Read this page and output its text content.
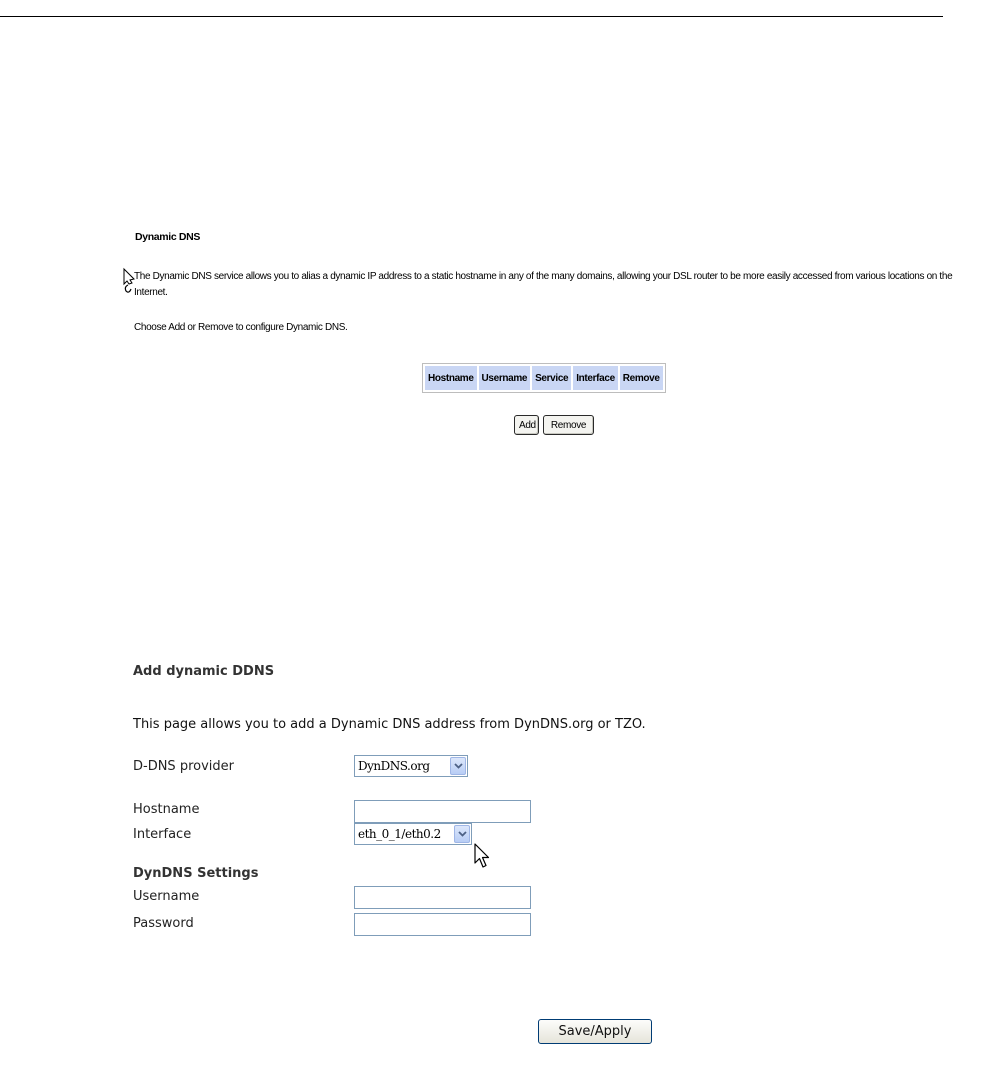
Dynamic DNS
The Dynamic DNS service allows you to alias a dynamic IP address to a static hostname in any of the many domains, allowing your DSL router to be more easily accessed from various locations on the Internet.
Choose Add or Remove to configure Dynamic DNS.
Hostname	Username	Service	Interface	Remove
Add	Remove
Add dynamic DDNS
This page allows you to add a Dynamic DNS address from DynDNS.org or TZO.
D-DNS provider	DynDNS.org
Hostname
Interface	eth_0_1/eth0.2
DynDNS Settings
Username
Password
Save/Apply
